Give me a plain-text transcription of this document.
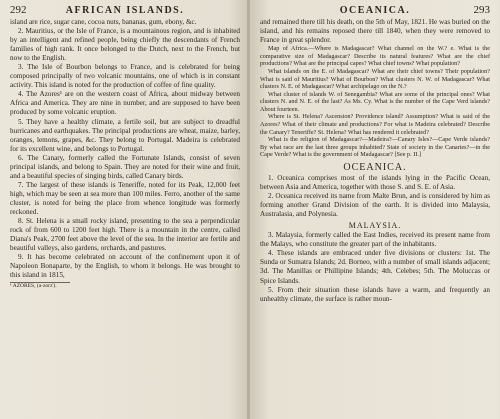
292	AFRICAN ISLANDS.

island are rice, sugar cane, cocoa nuts, bananas, gum, ebony, &c.

2. Mauritius, or the Isle of France, is a mountainous region, and is inhabited by an intelligent and refined people, being chiefly the descendants of French families of high rank. It once belonged to the Dutch, next to the French, but now to the English.

3. The Isle of Bourbon belongs to France, and is celebrated for being composed principally of two volcanic mountains, one of which is in constant activity. This island is noted for the production of coffee of fine quality.

4. The Azores¹ are on the western coast of Africa, about midway between Africa and America. They are nine in number, and are supposed to have been produced by some volcanic eruption.

5. They have a healthy climate, a fertile soil, but are subject to dreadful hurricanes and earthquakes. The principal productions are wheat, maize, barley, oranges, lemons, grapes, &c. They belong to Portugal. Madeira is celebrated for its excellent wine, and belongs to Portugal.

6. The Canary, formerly called the Fortunate Islands, consist of seven principal islands, and belong to Spain. They are noted for their wine and fruit, and a beautiful species of singing birds, called Canary birds.

7. The largest of these islands is Teneriffe, noted for its Peak, 12,000 feet high, which may be seen at sea more than 100 miles. Ferro, another of the same cluster, is noted for being the place from whence longitude was formerly reckoned.

8. St. Helena is a small rocky island, presenting to the sea a perpendicular rock of from 600 to 1200 feet high. There is a mountain in the centre, called Diana's Peak, 2700 feet above the level of the sea. In the interior are fertile and beautiful valleys, also gardens, orchards, and pastures.

9. It has become celebrated on account of the confinement upon it of Napoleon Bonaparte, by the English, to whom it belongs. He was brought to this island in 1815,

¹ AZORES, (a-zorz').

OCEANICA.	293

and remained there till his death, on the 5th of May, 1821. He was buried on the island, and his remains reposed there till 1840, when they were removed to France in great splendor.

Map of Africa.—Where is Madagascar? What channel on the W.? e. What is the comparative size of Madagascar? Describe its natural features? What are the chief productions? What are the principal capes? What chief towns? What population?

What islands on the E. of Madagascar? What are their chief towns? Their population? What is said of Mauritius? What of Bourbon? What clusters N. W. of Madagascar? What clusters N. E. of Madagascar? What archipelago on the N.?

What cluster of islands W. of Senegambia? What are some of the principal ones? What clusters N. and N. E. of the last? As Ms. Cy. What is the number of the Cape Verd islands? About fourteen.

Where is St. Helena? Ascension? Providence island? Assumption? What is said of the Azores? What of their climate and productions? For what is Madeira celebrated? Describe the Canary? Teneriffe? St. Helena? What has rendered it celebrated?

What is the religion of Madagascar?—Madeira?—Canary Isles?—Cape Verde islands? By what race are the last three groups inhabited? State of society in the Canaries?—in the Cape Verde? What is the government of Madagascar? [See p. II.]

OCEANICA.

1. Oceanica comprises most of the islands lying in the Pacific Ocean, between Asia and America, together with those S. and S. E. of Asia.

2. Oceanica received its name from Malte Brun, and is considered by him as forming another Grand Division of the earth. It is divided into Malaysia, Australasia, and Polynesia.

MALAYSIA.

3. Malaysia, formerly called the East Indies, received its present name from the Malays, who constitute the greater part of the inhabitants.

4. These islands are embraced under five divisions or clusters: 1st. The Sunda or Sumatra Islands; 2d. Borneo, with a number of small islands adjacent; 3d. The Manillas or Phillipine Islands; 4th. Celebes; 5th. The Moluccas or Spice Islands.

5. From their situation these islands have a warm, and frequently an unhealthy climate, the surface is rather moun-
